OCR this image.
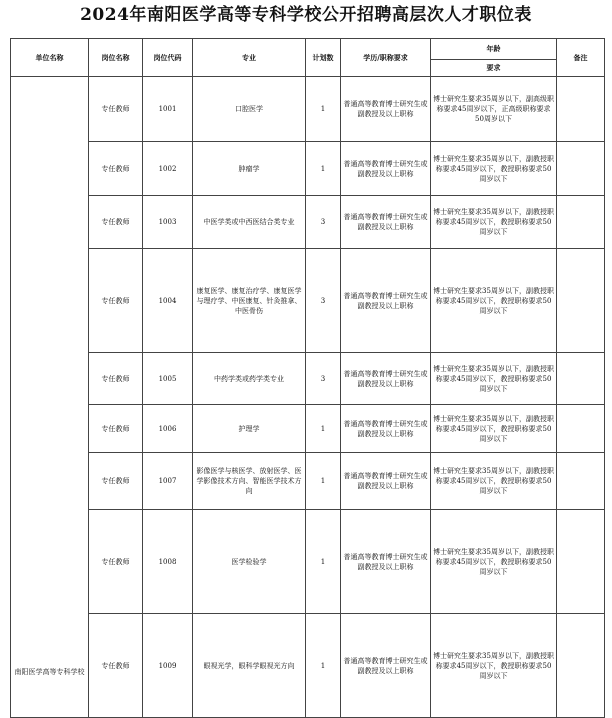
2024年南阳医学高等专科学校公开招聘高层次人才职位表
单位名称	岗位名称	岗位代码	专业	计划数	学历/职称要求	年龄	备注
						要求	
南阳医学高等专科学校	专任教师	1001	口腔医学	1	普通高等教育博士研究生或副教授及以上职称	博士研究生要求35周岁以下，副高级职称要求45周岁以下，正高级职称要求50周岁以下	
	专任教师	1002	肿瘤学	1	普通高等教育博士研究生或副教授及以上职称	博士研究生要求35周岁以下，副教授职称要求45周岁以下，教授职称要求50周岁以下	
	专任教师	1003	中医学类或中西医结合类专业	3	普通高等教育博士研究生或副教授及以上职称	博士研究生要求35周岁以下，副教授职称要求45周岁以下，教授职称要求50周岁以下	
	专任教师	1004	康复医学、康复治疗学、康复医学与理疗学、中医康复、针灸推拿、中医骨伤	3	普通高等教育博士研究生或副教授及以上职称	博士研究生要求35周岁以下，副教授职称要求45周岁以下，教授职称要求50周岁以下	
	专任教师	1005	中药学类或药学类专业	3	普通高等教育博士研究生或副教授及以上职称	博士研究生要求35周岁以下，副教授职称要求45周岁以下，教授职称要求50周岁以下	
	专任教师	1006	护理学	1	普通高等教育博士研究生或副教授及以上职称	博士研究生要求35周岁以下，副教授职称要求45周岁以下，教授职称要求50周岁以下	
	专任教师	1007	影像医学与核医学、放射医学、医学影像技术方向、智能医学技术方向	1	普通高等教育博士研究生或副教授及以上职称	博士研究生要求35周岁以下，副教授职称要求45周岁以下，教授职称要求50周岁以下	
	专任教师	1008	医学检验学	1	普通高等教育博士研究生或副教授及以上职称	博士研究生要求35周岁以下，副教授职称要求45周岁以下，教授职称要求50周岁以下	
	专任教师	1009	眼视光学，眼科学眼视光方向	1	普通高等教育博士研究生或副教授及以上职称	博士研究生要求35周岁以下，副教授职称要求45周岁以下，教授职称要求50周岁以下	
